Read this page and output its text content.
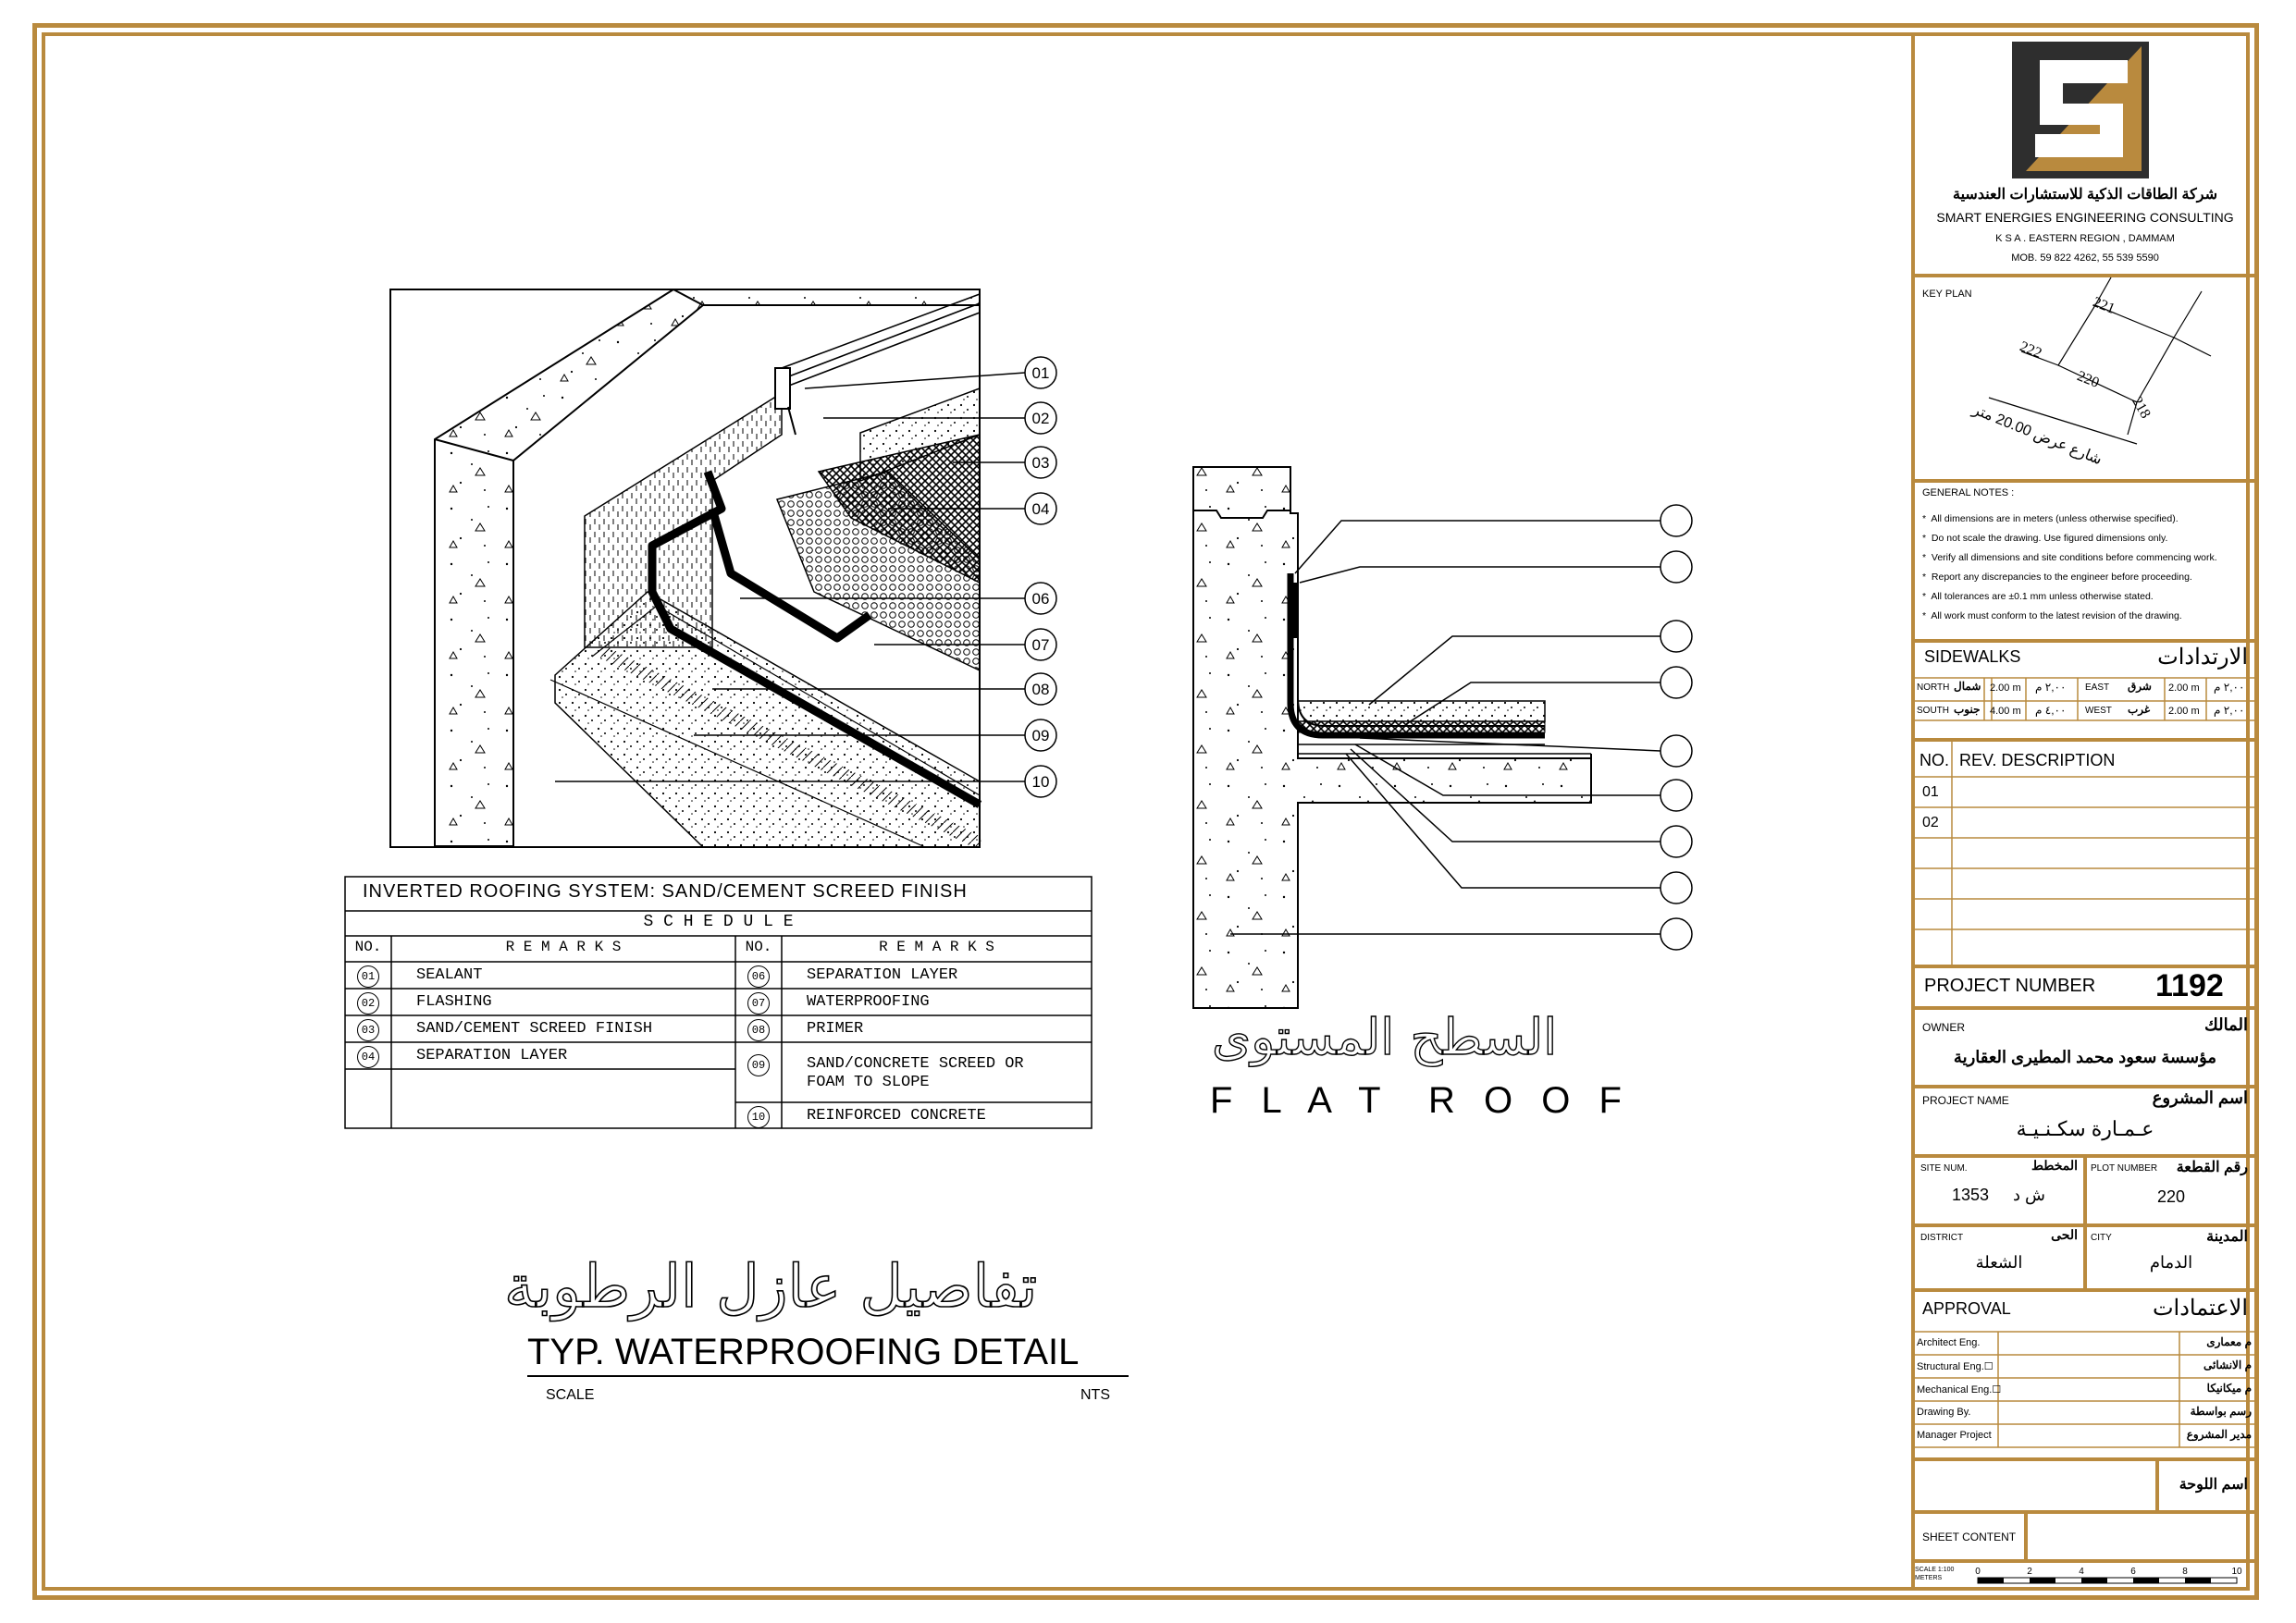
01
02
03
04
06
07
08
09
10
شركة الطاقات الذكية للاستشارات العندسية
SMART ENERGIES ENGINEERING CONSULTING
K S A . EASTERN REGION , DAMMAM
MOB. 59 822 4262, 55 539 5590
KEY PLAN
221
222
220
218
شارع عرض 20.00 متر
GENERAL NOTES :
*  All dimensions are in meters (unless otherwise specified).
*  Do not scale the drawing. Use figured dimensions only.
*  Verify all dimensions and site conditions before commencing work.
*  Report any discrepancies to the engineer before proceeding.
*  All tolerances are ±0.1 mm unless otherwise stated.
*  All work must conform to the latest revision of the drawing.
SIDEWALKS	الارتدادات
NORTH شمال 2.00 m ٢,٠٠ م EAST شرق 2.00 m ٢,٠٠ م
SOUTH جنوب 4.00 m ٤,٠٠ م WEST غرب 2.00 m ٢,٠٠ م
NO. REV. DESCRIPTION
01
02
PROJECT NUMBER 1192
OWNER	المالك
مؤسسة سعود محمد المطيرى العقارية
PROJECT NAME	اسم المشروع
عـمـارة سكـنـيـة
SITE NUM.	المخطط
1353 ش د
PLOT NUMBER	رقم القطعة
220
DISTRICT	الحى
الشعلة
CITY	المدينة
الدمام
APPROVAL	الاعتمادات
Architect Eng.	م معمارى
Structural Eng.☐	م الانشائى
Mechanical Eng.☐	م ميكانيكا
Drawing By.	رسم بواسطة
Manager Project	مدير المشروع
اسم اللوحة
SHEET CONTENT
SCALE 1:100
METERS
0	2	4	6	8	10
INVERTED ROOFING SYSTEM: SAND/CEMENT SCREED FINISH
S C H E D U L E
NO.	R E M A R K S	NO.	R E M A R K S
01	SEALANT
02	FLASHING
03	SAND/CEMENT SCREED FINISH
04	SEPARATION LAYER
06	SEPARATION LAYER
07	WATERPROOFING
08	PRIMER
09	SAND/CONCRETE SCREED OR
FOAM TO SLOPE
10	REINFORCED CONCRETE
تفاصيل عازل الرطوبة
TYP. WATERPROOFING DETAIL
SCALE	NTS
السطح المستوى
F L A T  R O O F
